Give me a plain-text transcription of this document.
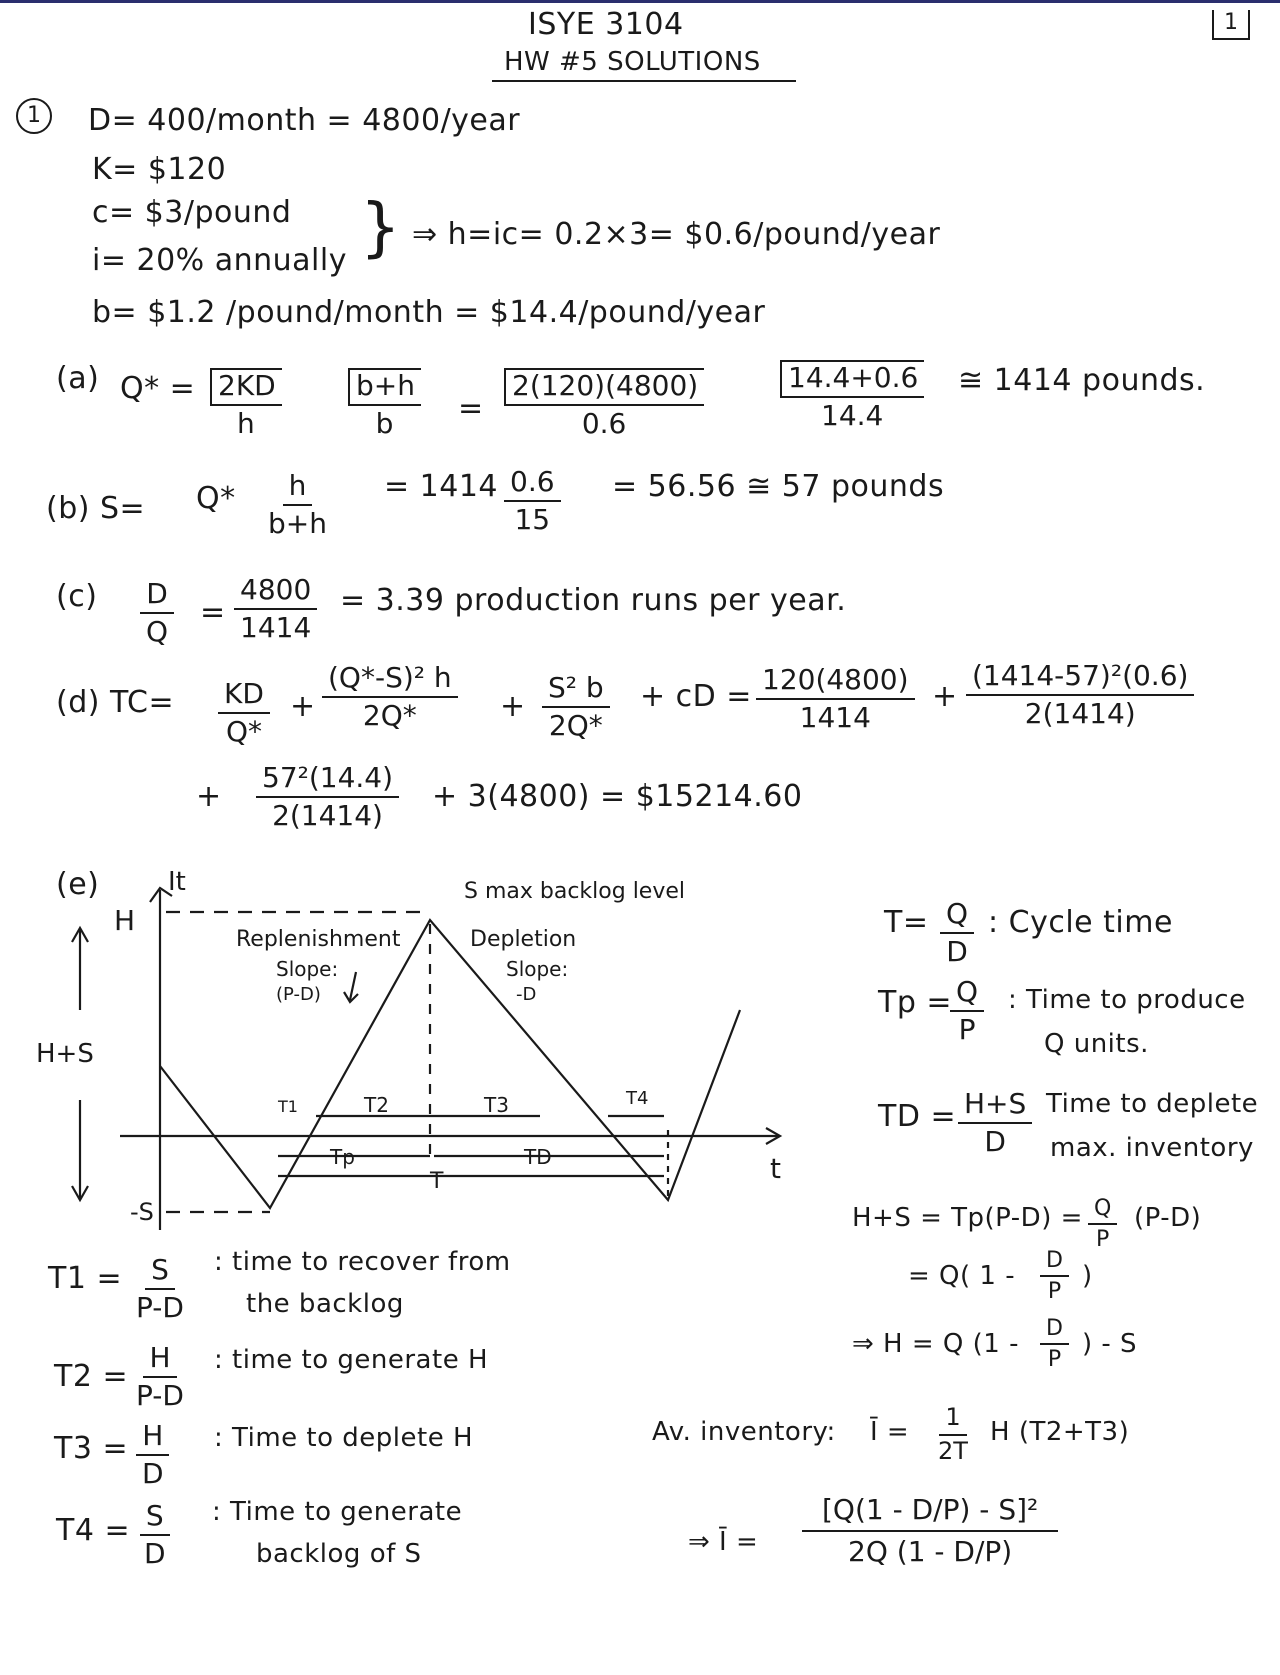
ISYE 3104
HW #5 SOLUTIONS
1
1	D= 400/month = 4800/year
K= $120
c= $3/pound
i= 20% annually } ⇒ h=ic= 0.2×3= $0.6/pound/year
b= $1.2 /pound/month = $14.4/pound/year
(a) $Q* = \frac{2KD}{h} \frac{b+h}{b} = \frac{2(120)(4800)}{0.6}$	$\frac{14.4+0.6}{14.4}$ ≅ 1414 pounds.
(b) $S= Q* \frac{h}{b+h} = 1414 \frac{0.6}{15} = 56.56$ ≅ 57 pounds
$(c) \frac{D}{Q} = \frac{4800}{1414} = 3.39$ production runs per year.
(d) $TC= \frac{KD}{Q*} + \frac{\text{(Q*-S)² h}}{2Q*} + \frac{\text{S² b}}{2Q*}$ + cD = $\frac{120(4800)}{1414} + \frac{\text{(1414-57)²(0.6)}}{2(1414)}$
+ $\frac{\text{57²(14.4)}}{2(1414)} + 3(4800)$ = $15214.60
(e)	It
H
H+S
-S
t
S max backlog level
Replenishment
Slope:
(P-D)
Depletion
Slope:
-D
T1	T2	T3	T4
Tp	TD
T
$T= \frac{Q}{D}$ : Cycle time
Tp =
$\frac{Q}{P}$ : Time to produce
Q units.
TD = $\frac{H+S}{D}$ Time to deplete
max. inventory
$H+S = Tp(P-D) = \frac{Q}{P} (P-D)$
= Q( $1 - \frac{D}{P}$ )
⇒ H = Q ($1 - \frac{D}{P}$ ) - S
Av. inventory: Ī = $\frac{1}{2T}$ H (T2+T3)
⇒ Ī = $\frac{\text{[Q(1 - D/P) - S]²}}{2Q (1 - D/P)}$
$T1 = \frac{S}{P-D}$ : time to recover from
the backlog
$T2 = \frac{H}{P-D}$ : time to generate H
$T3 = \frac{H}{D}$ : Time to deplete H
$T4 = \frac{S}{D}$ : Time to generate
backlog of S
